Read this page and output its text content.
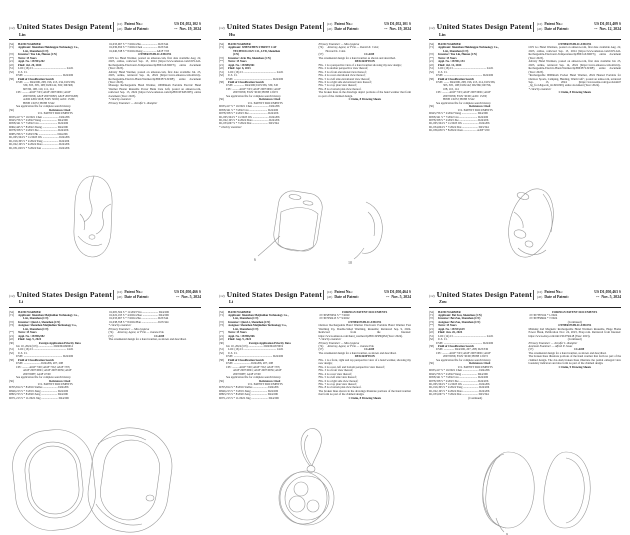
(12) United States Design Patent
Lin
(10) Patent No.:	US D1,052,102 S
(45) Date of Patent:	** Nov. 19, 2024
(54)	HAND WARMER
(71)	Applicant: Shenzhen Huidengpu Technology Co.,
Ltd., Shenzhen (CN)
(72)	Inventor: Yue Lin, Hunan (CN)
(**)	Term: 15 Years
(21)	Appl. No.: 29/903,202
(22)	Filed: Jul. 20, 2024
(51)	LOC (16) Cl. ............................................ 24-01
(52)	U.S. Cl.
USPC ..................................................... D24/206
(58)	Field of Classification Search
USPC ....... D24/206, 208, 196, 213, 234, D23/336,
330, 303, 305, 108; D26/142, 302; D6/366;
607/96, 108, 110, 111, 114
CPC ......... A61F 7/03; A61F 2007/0001; A61F
2007/0056; A61F 2007/0093; A61F 2007/0268;
A45D 2200/1018; F24V 30/00; A45C 15/00;
H05B 1/0272; H05B 3/342
See application file for complete search history.
(56)	References Cited
U.S. PATENT DOCUMENTS
D933,417 S * 10/2021 Chen ...................... D24/206
D943,756 S * 2/2022 Wang ..................... D24/206
D958,341 S * 7/2022 Liu ......................... D24/206
D962,445 S * 8/2022 Zhang .................... D24/206
D978,358 S * 2/2023 Xie ......................... D24/206
D985,766 S * 5/2023 Hu ......................... D24/206
D1,005,504 S * 11/2023 Wu ...................... D24/206
D1,016,305 S * 2/2024 Yang ..................... D24/206
D1,022,195 S * 4/2024 Zhao ..................... D24/206
D1,031,029 S * 5/2024 Sun ....................... D24/206
D1,033,067 S * 7/2024 Zhu ...................... D23/344
D1,036,650 S * 7/2024 Chen .................... D23/344
D1,040,338 S * 8/2024 Deng .................. A61F 7/03
OTHER PUBLICATIONS
OLY Go Hand Warmer, posted on amazon.com, first date available Aug. 22, 2023, online, retrieved Sep. 13, 2024 [https://www.amazon.com/OLY-GO-Rechargeable-Electronic-Temperature/dp/B0CGXJ2RV3], entire document (Year: 2023).
Alivniy Hand Warmer, posted on amazon.com, first date available Jul. 25, 2023, online, retrieved Sep. 14, 2024 [https://www.amazon.com/Alivniy-Rechargeable-Electric-Hand-Warmer/dp/B0CB7L3ZDF], entire document (Year: 2023).
Massage Rechargeable Hand Warmer, 10000mAh Portable Electric Hand Warmer Heater Reusable Power Bank Cute Gift, posted on amazon.com, retrieved Sep. 13, 2024 [https://www.amazon.com/dp/B0C6TKPLNH], entire document (Year: 2023).
* cited by examiner
Primary Examiner — Jennifer L. Rumpler
(12) United States Design Patent
Hu
(10) Patent No.:	US D1,052,101 S
(45) Date of Patent:	** Nov. 19, 2024
(54)	HAND WARMER
(71)	Applicant: SHENZHEN STREET CAT
TECHNOLOGY CO., LTD, Shenzhen
(CN)
(72)	Inventor: Avin Hu, Shenzhen (CN)
(**)	Term: 15 Years
(21)	Appl. No.: 29/888,961
(22)	Filed: Apr. 6, 2023
(51)	LOC (16) Cl. ............................................ 24-01
(52)	U.S. Cl.
USPC ..................................................... D24/206
(58)	Field of Classification Search
USPC .............. D24/206; D23/336, 330, 345
CPC ......... A61F 7/03; A61F 2007/0001; A61F
2007/0056; F24V 30/00; H05B 1/0272
See application file for complete search history.
(56)	References Cited
U.S. PATENT DOCUMENTS
D933,417 S * 10/2021 Chen ...................... D24/206
D958,341 S * 7/2022 Liu ......................... D24/206
D978,358 S * 2/2023 Xie ......................... D24/206
D1,005,504 S * 11/2023 Wu ...................... D24/206
D1,022,195 S * 4/2024 Zhao ..................... D24/206
D1,033,067 S * 7/2024 Zhu ...................... D23/344
* cited by examiner
Primary Examiner — Mia Lyapeva
(74)	Attorney, Agent, or Firm — Daniel K. Cohn;
Howard K. Cohn
(57)	CLAIM
The ornamental design for a hand warmer as shown and described.
DESCRIPTION
FIG. 1 is a perspective view of a hand warmer showing my new design;
FIG. 2 is another perspective view thereof;
FIG. 3 is a front elevational view thereof;
FIG. 4 is a rear elevational view thereof;
FIG. 5 is a left side elevational view thereof;
FIG. 6 is a right side elevational view thereof;
FIG. 7 is a top plan view thereof;
FIG. 8 is a bottom plan view thereof.
The broken lines in the drawings depict portions of the hand warmer that form no part of the claimed design.
1 Claim, 8 Drawing Sheets
6
10
(12) United States Design Patent
Lin
(10) Patent No.:	US D1,051,409 S
(45) Date of Patent:	** Nov. 12, 2024
(54)	HAND WARMER
(71)	Applicant: Shenzhen Huidengpu Technology Co.,
Ltd., Shenzhen (CN)
(72)	Inventor: Yue Lin, Hunan (CN)
(**)	Term: 15 Years
(21)	Appl. No.: 29/901,154
(22)	Filed: Jul. 12, 2024
(51)	LOC (16) Cl. ............................................ 24-01
(52)	U.S. Cl.
USPC ..................................................... D24/206
(58)	Field of Classification Search
USPC ....... D24/206, 208, 196, 213, 214, D23/336,
303, 305, 108; D26/142; D6/366; 607/96,
108, 110, 114
CPC ......... A61F 7/03; A61F 2007/0001; A61F
2007/0056; F24V 30/00; A45C 15/00;
H05B 1/0272; H05B 3/342
See application file for complete search history.
(56)	References Cited
U.S. PATENT DOCUMENTS
D943,756 S * 2/2022 Wang ..................... D24/206
D958,341 S * 7/2022 Liu ......................... D24/206
D978,358 S * 2/2023 Xie ......................... D24/206
D1,005,504 S * 11/2023 Wu ...................... D24/206
D1,034,604 S * 7/2024 Zhu ...................... D23/344
D1,036,650 S * 8/2024 Chen .................. A45F 5/00
OTHER PUBLICATIONS
OLY Go Hand Warmers, posted on amazon.com, first date available Aug. 22, 2023, online, retrieved Sep. 13, 2024 [https://www.amazon.com/OLY-GO-Rechargeable-Electronic-Temperature/dp/B0CGXJ2RV3], entire document (Year: 2023).
Alivniy Hand Warmers, posted on amazon.com, first date available Jul. 25, 2023, online, retrieved Sep. 14, 2024 [https://www.amazon.com/Alivniy-Rechargeable-Electric-Hand-Warmer/dp/B0CB7L3ZDF], entire document (Year: 2023).
"Rechargeable 9000mAh Pocket Hand Warmer, 2024 Heated Portable for Outdoor Sports, Camping, Hunting, Warm Gift", posted on temu.com, retrieved Sep. 13, 2024 [https://www.temu.com/goods.html?_bg_fs=1&goods_id=601099], entire document (Year: 2024).
* cited by examiner
1 Claim, 8 Drawing Sheets
(12) United States Design Patent
Li
(10) Patent No.:	US D1,050,466 S
(45) Date of Patent:	** Nov. 5, 2024
(54)	HAND WARMER
(71)	Applicant: Shenzhen Meijindian Technology Co.,
Ltd., Shenzhen (CN)
(72)	Inventor: Qian Li, Shenzhen (CN)
(73)	Assignee: Shenzhen Meijindian Technology Co.,
Ltd., Shenzhen (CN)
(**)	Term: 15 Years
(21)	Appl. No.: 29/896,982
(22)	Filed: Aug. 9, 2024
(30)	Foreign Application Priority Data
Jul. 10, 2024 (CN) .................... 202430416000.2
(51)	LOC (16) Cl. ............................................ 14-01
(52)	U.S. Cl.
USPC ..................................................... D24/206
(58)	Field of Classification Search
USPC ....................... D24/206, 207, 208
CPC ......... A61F 7/00; A61F 7/02; A61F 7/03;
A61F 2007/0001; A61F 2007/0056; A61F
2007/0087; A24F 47/00
See application file for complete search history.
(56)	References Cited
U.S. PATENT DOCUMENTS
D765,814 S * 8/2016 Steffes .................... D24/206
D849,213 S * 5/2019 Jiang ...................... D24/206
D893,723 S * 8/2020 Zeng ...................... D24/206
D971,213 S * 11/2022 Jing ....................... D24/206
D1,005,504 S * 11/2023 Wu ...................... D24/206
D1,022,195 S * 4/2024 Zhao ..................... D24/206
D1,033,067 S * 7/2024 Zhu ...................... D23/344
D1,038,358 S * 8/2024 Han ...................... D23/344
* cited by examiner
Primary Examiner — Mia Lyapeva
(74)	Attorney, Agent, or Firm — Joanna Enk
(57)	CLAIM
The ornamental design for a hand warmer, as shown and described.
(12) United States Design Patent
Li
(10) Patent No.:	US D1,050,464 S
(45) Date of Patent:	** Nov. 5, 2024
(54)	HAND WARMER
(71)	Applicant: Shenzhen Meijindian Technology Co.,
Ltd., Shenzhen (CN)
(72)	Inventor: Qian Li, Shenzhen (CN)
(73)	Assignee: Shenzhen Meijindian Technology Co.,
Ltd., Shenzhen (CN)
(**)	Term: 15 Years
(21)	Appl. No.: 29/896,966
(22)	Filed: Aug. 9, 2024
(30)	Foreign Application Priority Data
Jul. 10, 2024 (CN) .................... 202430416700.9
(51)	LOC (16) Cl. ............................................ 14-01
(52)	U.S. Cl.
USPC ..................................................... D24/206
(58)	Field of Classification Search
USPC ....................... D24/206, 207, 208
CPC ......... A61F 7/00; A61F 7/02; A61F 7/03;
A61F 2007/0001; A61F 2007/0056; A61F
2007/0087; A24F 47/00
See application file for complete search history.
(56)	References Cited
U.S. PATENT DOCUMENTS
D765,814 S * 8/2016 Steffes .................... D24/206
D849,213 S * 5/2019 Jiang ...................... D24/206
D893,723 S * 8/2020 Zeng ...................... D24/206
D971,213 S * 11/2022 Jing ....................... D24/206
FOREIGN PATENT DOCUMENTS
CN 305876954 S * 7/2020
CN 307650413 S * 9/2022
OTHER PUBLICATIONS
Outdoor Rechargeable Hand Warmer Electronic Portable Hand Warmer Fast Warming Up, Double-Sided Warming, Reusable; Retrieved Sep. 9, 2024. Retrieved from the Internet: https://www.amazon.com/hand_warmer/dp/B0CJ45HQ2M (Year: 2024).
* cited by examiner
Primary Examiner — Mia Lyapeva
(74)	Attorney, Agent, or Firm — Joanna Enk
(57)	CLAIM
The ornamental design for a hand warmer, as shown and described.
DESCRIPTION
FIG. 1 is a front, right and top perspective view of a hand warmer, showing my new design;
FIG. 2 is a rear, left and bottom perspective view thereof;
FIG. 3 is a front view thereof;
FIG. 4 is a rear view thereof;
FIG. 5 is a left side view thereof;
FIG. 6 is a right side view thereof;
FIG. 7 is a top plan view thereof;
FIG. 8 is a bottom plan view thereof.
The broken lines shown in the drawings illustrate portions of the hand warmer that form no part of the claimed design.
1 Claim, 8 Drawing Sheets
(12) United States Design Patent
Zou
(10) Patent No.:	US D1,050,463 S
(45) Date of Patent:	** Nov. 5, 2024
(54)	HAND WARMER
(71)	Applicant: Bei Zou, Shenzhen (CN)
(72)	Inventor: Bei Zou, Shenzhen (CN)
(73)	Assignee: Bei Zou, Shenzhen (CN)
(**)	Term: 15 Years
(21)	Appl. No.: 29/933,619
(22)	Filed: Jun. 26, 2024
(51)	LOC (14) Cl. ............................................ 24-01
(52)	U.S. Cl.
USPC ..................................................... D24/206
(58)	Field of Classification Search
USPC .............. D24/206, 207, 208; D23/336
CPC ......... A61F 7/03; A61F 2007/0001; A61F
2007/0056; F24V 30/00; H05B 1/0272
See application file for complete search history.
(56)	References Cited
U.S. PATENT DOCUMENTS
D933,417 S * 10/2021 Chen ...................... D24/206
D943,756 S * 2/2022 Wang ..................... D24/206
D958,341 S * 7/2022 Liu ......................... D24/206
D978,358 S * 2/2023 Xie ......................... D24/206
D1,005,504 S * 11/2023 Wu ...................... D24/206
D1,016,305 S * 2/2024 Yang ..................... D24/206
D1,022,195 S * 4/2024 Zhao ..................... D24/206
D1,033,067 S * 7/2024 Zhu ...................... D23/344
(Continued)
FOREIGN PATENT DOCUMENTS
CN 307387164 * 1/2024
CN 307858464 * 7/2024
(Continued)
OTHER PUBLICATIONS
Mixking 2nd Magnetic Rechargeable Hand Warmers Reusable, Huge Home Power Bank, Publication Nov. 24, 2023, Ebay.com. Retrieved from Internet: https://www.ebay.com/itm/1504756418 (Year: 2023).
(Continued)
Primary Examiner — Jennifer L. Rumpler
Assistant Examiner — Alfred P. Jonas
(57)	CLAIM
The ornamental design for a hand warmer, as shown and described.
The broken lines illustrate portions of the hand warmer that form no part of the claimed design. The dot-dash broken lines illustrate the partial enlarged view boundary indicators and also form no part of the claimed design.
1 Claim, 9 Drawing Sheets
9
